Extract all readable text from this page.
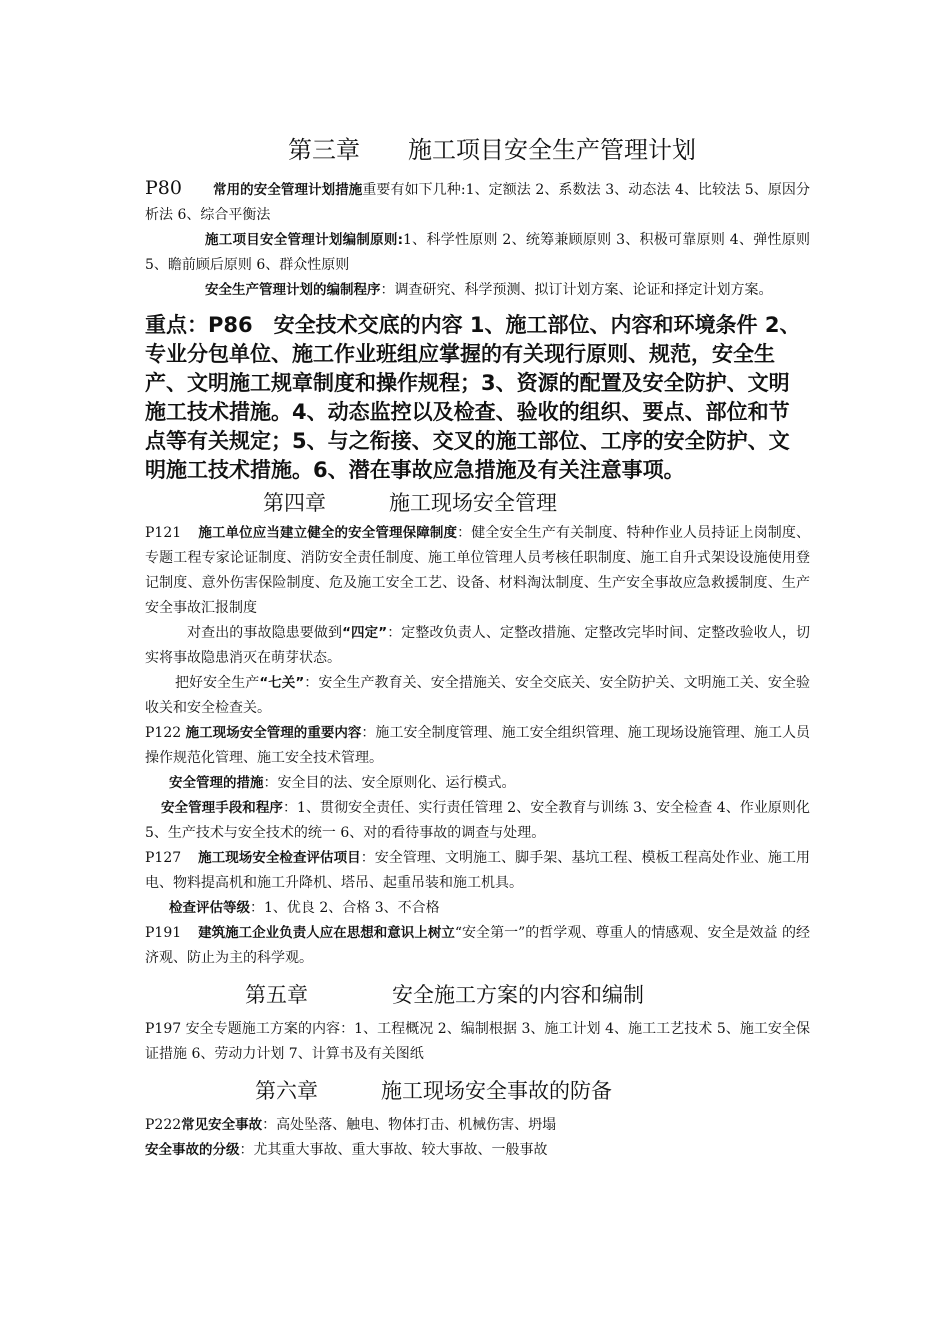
第三章　　施工项目安全生产管理计划

P80 常用的安全管理计划措施重要有如下几种:1、定额法 2、系数法 3、动态法 4、比较法 5、原因分析法 6、综合平衡法

施工项目安全管理计划编制原则:1、科学性原则 2、统筹兼顾原则 3、积极可靠原则 4、弹性原则 5、瞻前顾后原则 6、群众性原则

安全生产管理计划的编制程序：调查研究、科学预测、拟订计划方案、论证和择定计划方案。

重点：P86　安全技术交底的内容 1、施工部位、内容和环境条件 2、专业分包单位、施工作业班组应掌握的有关现行原则、规范，安全生产、文明施工规章制度和操作规程；3、资源的配置及安全防护、文明施工技术措施。4、动态监控以及检查、验收的组织、要点、部位和节点等有关规定；5、与之衔接、交叉的施工部位、工序的安全防护、文明施工技术措施。6、潜在事故应急措施及有关注意事项。

第四章　　　施工现场安全管理

P121 施工单位应当建立健全的安全管理保障制度：健全安全生产有关制度、特种作业人员持证上岗制度、专题工程专家论证制度、消防安全责任制度、施工单位管理人员考核任职制度、施工自升式架设设施使用登记制度、意外伤害保险制度、危及施工安全工艺、设备、材料淘汰制度、生产安全事故应急救援制度、生产安全事故汇报制度

对查出的事故隐患要做到“四定”：定整改负责人、定整改措施、定整改完毕时间、定整改验收人，切实将事故隐患消灭在萌芽状态。

把好安全生产“七关”：安全生产教育关、安全措施关、安全交底关、安全防护关、文明施工关、安全验收关和安全检查关。

P122 施工现场安全管理的重要内容：施工安全制度管理、施工安全组织管理、施工现场设施管理、施工人员操作规范化管理、施工安全技术管理。

安全管理的措施：安全目的法、安全原则化、运行模式。

安全管理手段和程序：1、贯彻安全责任、实行责任管理 2、安全教育与训练 3、安全检查 4、作业原则化 5、生产技术与安全技术的统一 6、对的看待事故的调查与处理。

P127 施工现场安全检查评估项目：安全管理、文明施工、脚手架、基坑工程、模板工程高处作业、施工用电、物料提高机和施工升降机、塔吊、起重吊装和施工机具。

检查评估等级：1、优良 2、合格 3、不合格

P191 建筑施工企业负责人应在思想和意识上树立“安全第一”的哲学观、尊重人的情感观、安全是效益 的经济观、防止为主的科学观。

第五章　　　　安全施工方案的内容和编制

P197 安全专题施工方案的内容：1、工程概况 2、编制根据 3、施工计划 4、施工工艺技术 5、施工安全保证措施 6、劳动力计划 7、计算书及有关图纸

第六章　　　施工现场安全事故的防备

P222常见安全事故：高处坠落、触电、物体打击、机械伤害、坍塌

安全事故的分级：尤其重大事故、重大事故、较大事故、一般事故
